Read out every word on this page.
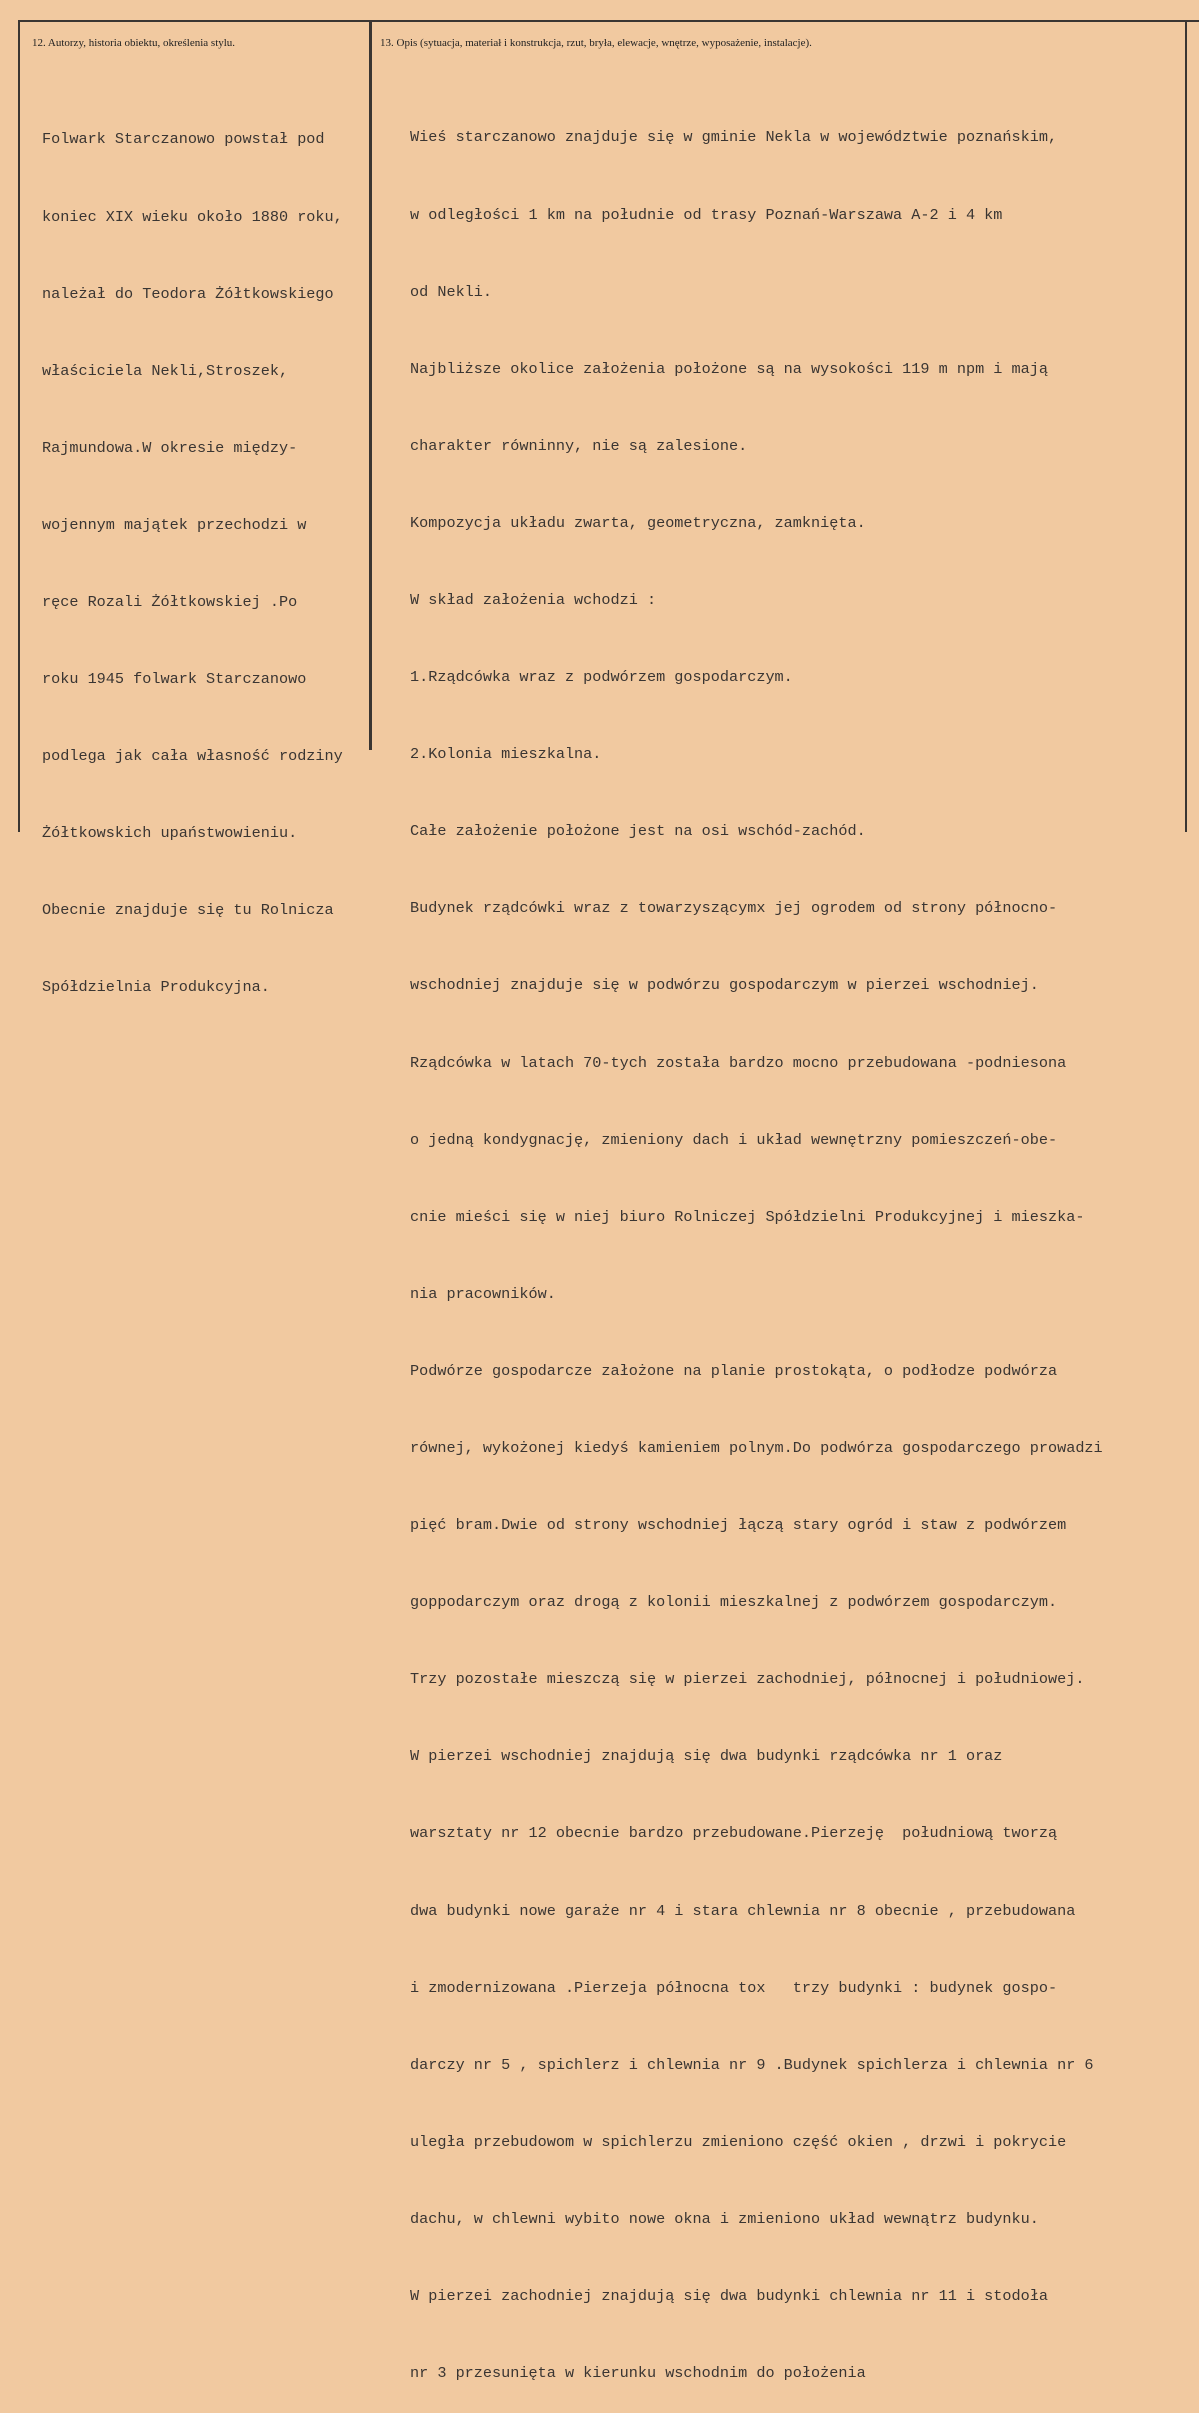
12. Autorzy, historia obiektu, określenia stylu.	13. Opis (sytuacja, materiał i konstrukcja, rzut, bryła, elewacje, wnętrze, wyposażenie, instalacje).

Folwark Starczanowo powstał pod

koniec XIX wieku około 1880 roku,

należał do Teodora Żółtkowskiego

właściciela Nekli,Stroszek,

Rajmundowa.W okresie między-

wojennym majątek przechodzi w

ręce Rozali Żółtkowskiej .Po

roku 1945 folwark Starczanowo

podlega jak cała własność rodziny

Żółtkowskich upaństwowieniu.

Obecnie znajduje się tu Rolnicza

Spółdzielnia Produkcyjna.

Wieś starczanowo znajduje się w gminie Nekla w województwie poznańskim,

w odległości 1 km na południe od trasy Poznań-Warszawa A-2 i 4 km

od Nekli.

Najbliższe okolice założenia położone są na wysokości 119 m npm i mają

charakter równinny, nie są zalesione.

Kompozycja układu zwarta, geometryczna, zamknięta.

W skład założenia wchodzi :

1.Rządcówka wraz z podwórzem gospodarczym.

2.Kolonia mieszkalna.

Całe założenie położone jest na osi wschód-zachód.

Budynek rządcówki wraz z towarzyszącymx jej ogrodem od strony północno-

wschodniej znajduje się w podwórzu gospodarczym w pierzei wschodniej.

Rządcówka w latach 70-tych została bardzo mocno przebudowana -podniesona

o jedną kondygnację, zmieniony dach i układ wewnętrzny pomieszczeń-obe-

cnie mieści się w niej biuro Rolniczej Spółdzielni Produkcyjnej i mieszka-

nia pracowników.

Podwórze gospodarcze założone na planie prostokąta, o podłodze podwórza

równej, wykożonej kiedyś kamieniem polnym.Do podwórza gospodarczego prowadzi

pięć bram.Dwie od strony wschodniej łączą stary ogród i staw z podwórzem

goppodarczym oraz drogą z kolonii mieszkalnej z podwórzem gospodarczym.

Trzy pozostałe mieszczą się w pierzei zachodniej, północnej i południowej.

W pierzei wschodniej znajdują się dwa budynki rządcówka nr 1 oraz

warsztaty nr 12 obecnie bardzo przebudowane.Pierzeję  południową tworzą

dwa budynki nowe garaże nr 4 i stara chlewnia nr 8 obecnie , przebudowana

i zmodernizowana .Pierzeja północna tox   trzy budynki : budynek gospo-

darczy nr 5 , spichlerz i chlewnia nr 9 .Budynek spichlerza i chlewnia nr 6

uległa przebudowom w spichlerzu zmieniono część okien , drzwi i pokrycie

dachu, w chlewni wybito nowe okna i zmieniono układ wewnątrz budynku.

W pierzei zachodniej znajdują się dwa budynki chlewnia nr 11 i stodoła

nr 3 przesunięta w kierunku wschodnim do położenia
